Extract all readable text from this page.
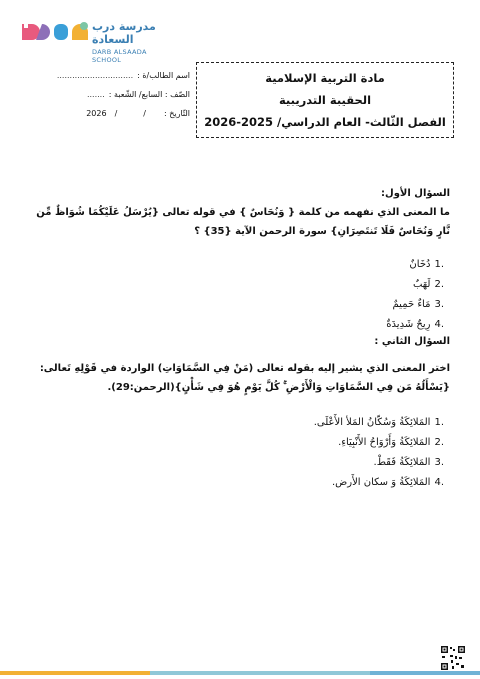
مدرسة درب السعادة
DARB ALSAADA SCHOOL
اسم الطالب/ة :
..............................
الصّف : السابع/ الشّعبة :
.......
التّاريخ :
/
/
2026
مادة التربية الإسلامية
الحقيبة التدريبية
الفصل الثّالث- العام الدراسي/ 2025-2026
السؤال الأول:
ما المعنى الذي نفهمه من كلمة { وَنُحَاسٌ } في قوله تعالى {يُرْسَلُ عَلَيْكُمَا شُوَاظٌ مِّن نَّارٍ وَنُحَاسٌ فَلَا تَنتَصِرَانِ} سورة الرحمن الآية {35} ؟
1.
دُخَانٌ
2.
لَهَبٌ
3.
مَاءٌ حَمِيمٌ
4.
رِيحٌ شَدِيدَةٌ
السؤال الثاني :
اختر المعنى الذي يشير إليه بقوله تعالى (مَنْ فِي السَّمَاوَاتِ) الواردة في قَوْلِهِ تَعالى: {يَسْأَلُهُ مَن فِي السَّمَاوَاتِ وَالْأَرْضِ ۚ كُلَّ يَوْمٍ هُوَ فِي شَأْنٍ}(الرحمن:29).
1.
المَلائِكَةُ وَسُكّانُ المَلأ الأَعْلَى.
2.
المَلائِكَةُ وَأَرْوَاحُ الأَنْبِيَاءِ.
3.
المَلائِكَةُ فَقَطْ.
4.
المَلائِكَةُ وَ سكان الأَرض.
